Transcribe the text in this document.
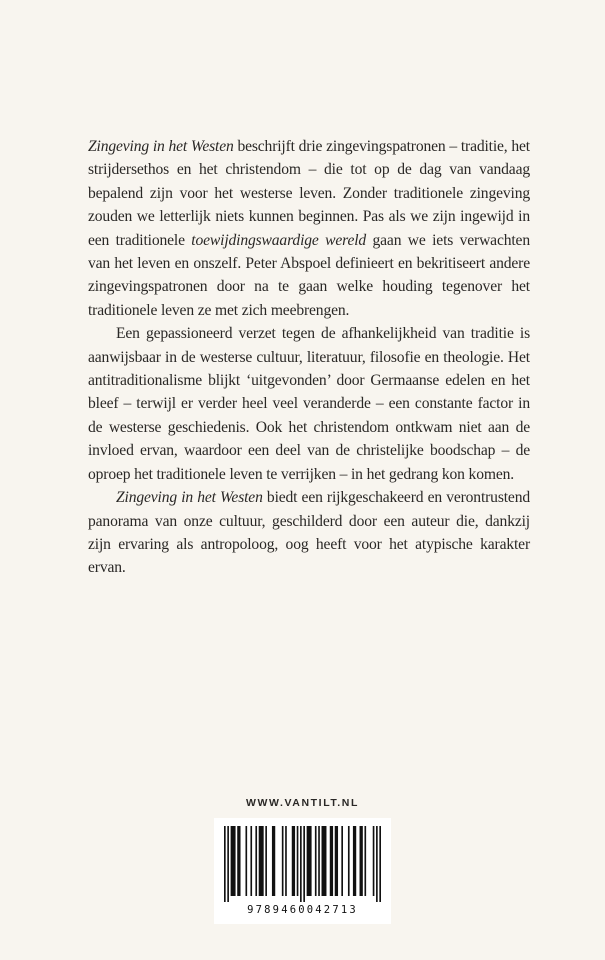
Zingeving in het Westen beschrijft drie zingevingspatronen – traditie, het strijdersethos en het christendom – die tot op de dag van vandaag bepalend zijn voor het westerse leven. Zonder traditionele zingeving zouden we letterlijk niets kunnen beginnen. Pas als we zijn ingewijd in een traditionele toewijdingswaardige wereld gaan we iets verwachten van het leven en onszelf. Peter Abspoel definieert en bekritiseert andere zingevingspatronen door na te gaan welke houding tegenover het traditionele leven ze met zich meebrengen.

Een gepassioneerd verzet tegen de afhankelijkheid van traditie is aanwijsbaar in de westerse cultuur, literatuur, filosofie en theologie. Het antitraditionalisme blijkt ‘uitgevonden’ door Germaanse edelen en het bleef – terwijl er verder heel veel veranderde – een constante factor in de westerse geschiedenis. Ook het christendom ontkwam niet aan de invloed ervan, waardoor een deel van de christelijke boodschap – de oproep het traditionele leven te verrijken – in het gedrang kon komen.

Zingeving in het Westen biedt een rijkgeschakeerd en verontrustend panorama van onze cultuur, geschilderd door een auteur die, dankzij zijn ervaring als antropoloog, oog heeft voor het atypische karakter ervan.

WWW.VANTILT.NL
9789460042713
